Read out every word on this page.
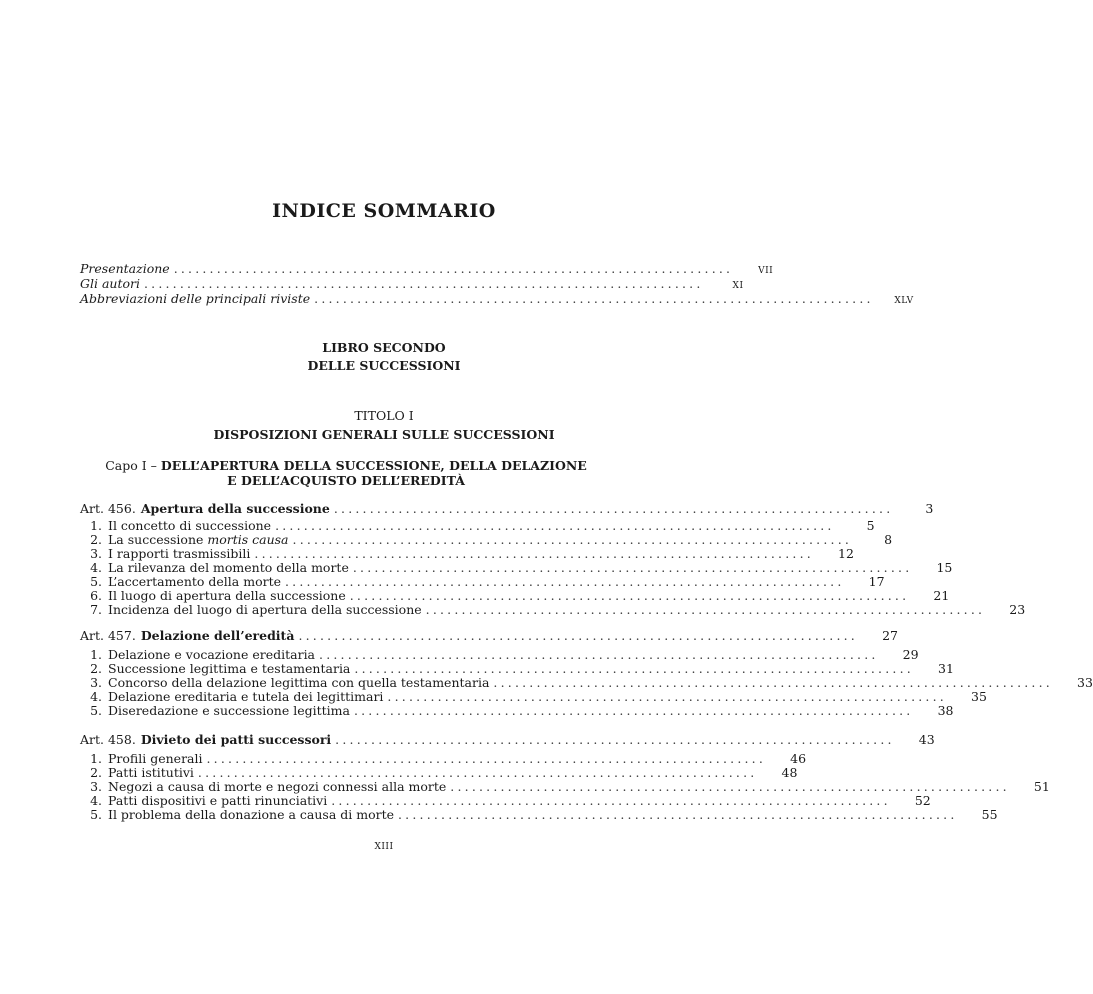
INDICE SOMMARIO
Presentazione ..............................................................................	VII
Gli autori ..............................................................................	XI
Abbreviazioni delle principali riviste ..............................................................................	XLV
LIBRO SECONDO
DELLE SUCCESSIONI
TITOLO I
DISPOSIZIONI GENERALI SULLE SUCCESSIONI
Capo I – DELL’APERTURA DELLA SUCCESSIONE, DELLA DELAZIONE
E DELL’ACQUISTO DELL’EREDITÀ
Art. 456. Apertura della successione ..............................................................................	3
1. Il concetto di successione ..............................................................................	5
2. La successione mortis causa ..............................................................................	8
3. I rapporti trasmissibili ..............................................................................	12
4. La rilevanza del momento della morte ..............................................................................	15
5. L’accertamento della morte ..............................................................................	17
6. Il luogo di apertura della successione ..............................................................................	21
7. Incidenza del luogo di apertura della successione ..............................................................................	23
Art. 457. Delazione dell’eredità ..............................................................................	27
1. Delazione e vocazione ereditaria ..............................................................................	29
2. Successione legittima e testamentaria ..............................................................................	31
3. Concorso della delazione legittima con quella testamentaria ..............................................................................	33
4. Delazione ereditaria e tutela dei legittimari ..............................................................................	35
5. Diseredazione e successione legittima ..............................................................................	38
Art. 458. Divieto dei patti successori ..............................................................................	43
1. Profili generali ..............................................................................	46
2. Patti istitutivi ..............................................................................	48
3. Negozi a causa di morte e negozi connessi alla morte ..............................................................................	51
4. Patti dispositivi e patti rinunciativi ..............................................................................	52
5. Il problema della donazione a causa di morte ..............................................................................	55
XIII
